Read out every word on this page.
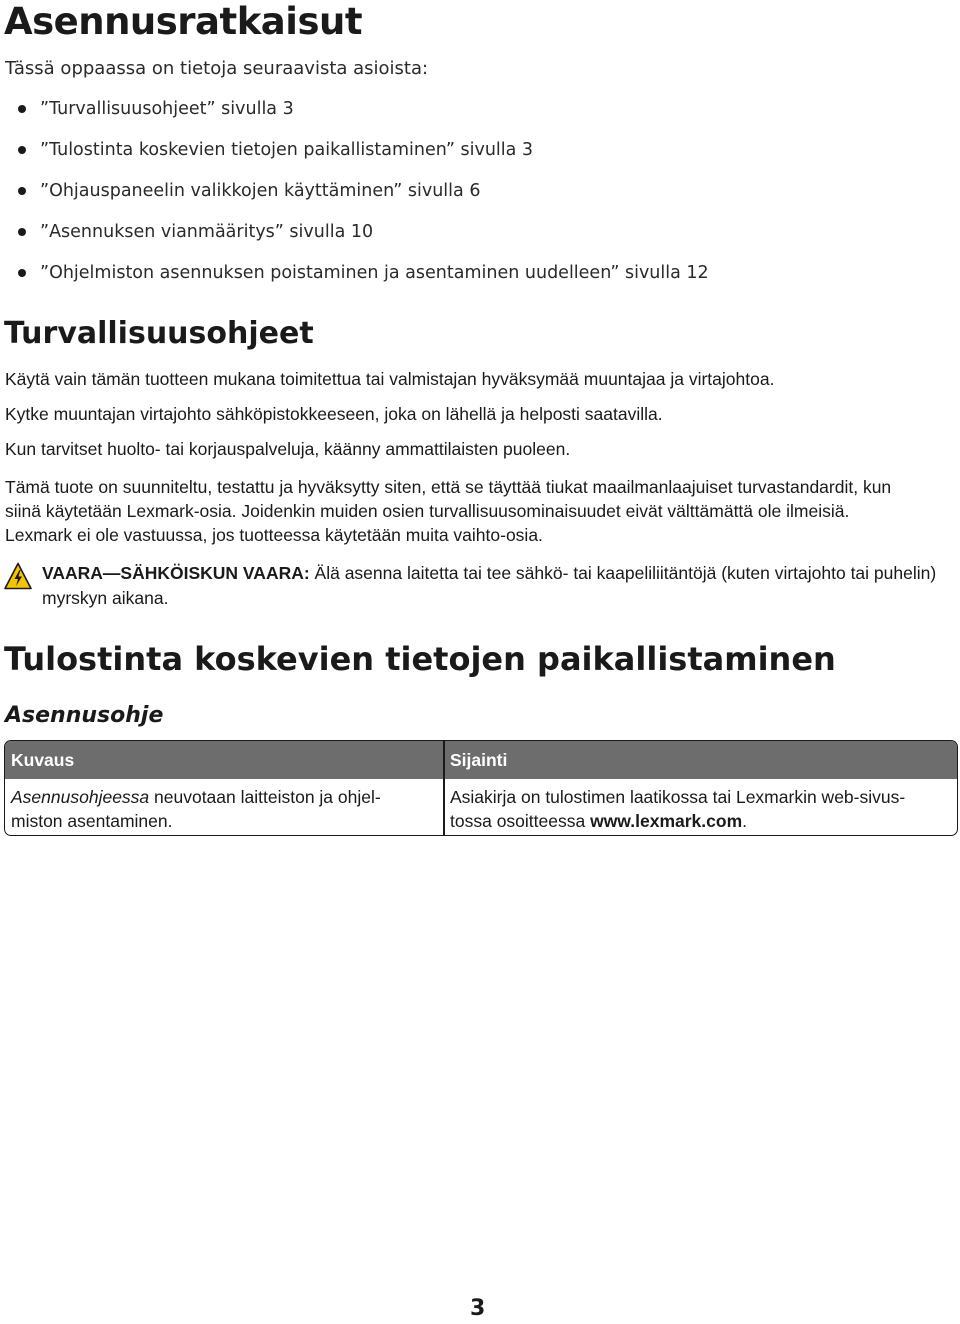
Asennusratkaisut

Tässä oppaassa on tietoja seuraavista asioista:

”Turvallisuusohjeet” sivulla 3
”Tulostinta koskevien tietojen paikallistaminen” sivulla 3
”Ohjauspaneelin valikkojen käyttäminen” sivulla 6
”Asennuksen vianmääritys” sivulla 10
”Ohjelmiston asennuksen poistaminen ja asentaminen uudelleen” sivulla 12
Turvallisuusohjeet

Käytä vain tämän tuotteen mukana toimitettua tai valmistajan hyväksymää muuntajaa ja virtajohtoa.

Kytke muuntajan virtajohto sähköpistokkeeseen, joka on lähellä ja helposti saatavilla.

Kun tarvitset huolto- tai korjauspalveluja, käänny ammattilaisten puoleen.

Tämä tuote on suunniteltu, testattu ja hyväksytty siten, että se täyttää tiukat maailmanlaajuiset turvastandardit, kun

siinä käytetään Lexmark-osia. Joidenkin muiden osien turvallisuusominaisuudet eivät välttämättä ole ilmeisiä.

Lexmark ei ole vastuussa, jos tuotteessa käytetään muita vaihto-osia.

VAARA—SÄHKÖISKUN VAARA: Älä asenna laitetta tai tee sähkö- tai kaapeliliitäntöjä (kuten virtajohto tai puhelin) myrskyn aikana.

Tulostinta koskevien tietojen paikallistaminen
Asennusohje
Kuvaus	Sijainti
Asennusohjeessa neuvotaan laitteiston ja ohjel-
miston asentaminen.
Asiakirja on tulostimen laatikossa tai Lexmarkin web-sivus-
tossa osoitteessa www.lexmark.com.

3
